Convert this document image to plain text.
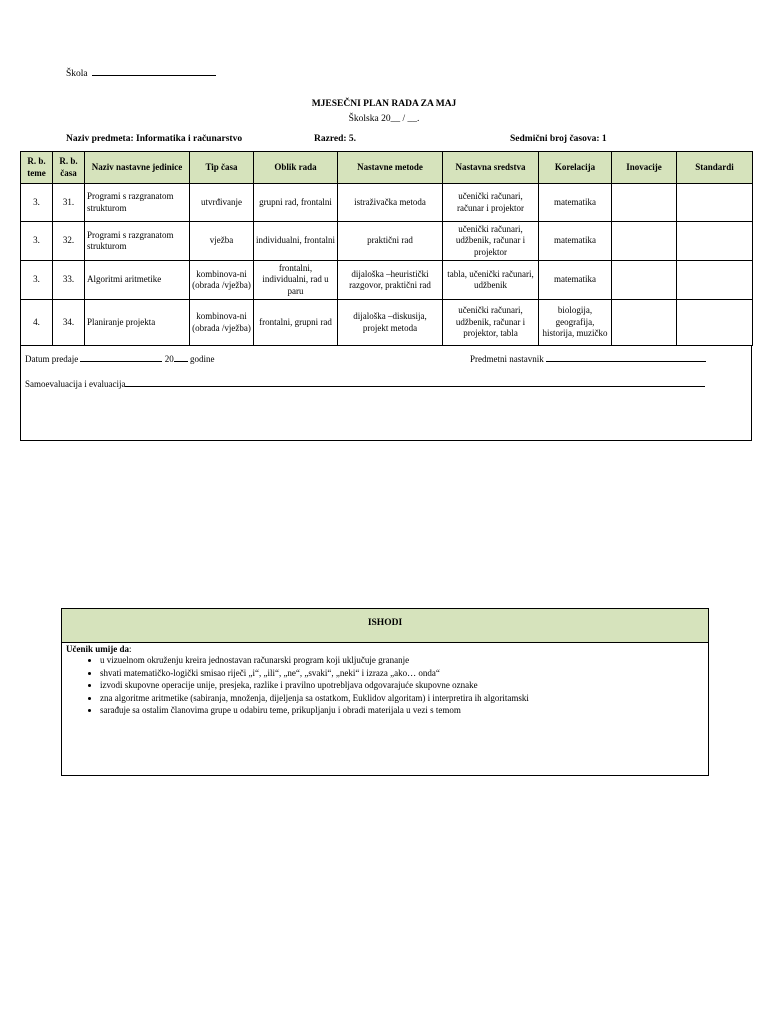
Škola
MJESEČNI PLAN RADA ZA MAJ
Školska 20__ / __.
Naziv predmeta: Informatika i računarstvo	Razred: 5.	Sedmični broj časova: 1
R. b. teme	R. b. časa	Naziv nastavne jedinice	Tip časa	Oblik rada	Nastavne metode	Nastavna sredstva	Korelacija	Inovacije	Standardi
3.	31.	Programi s razgranatom strukturom	utvrđivanje	grupni rad, frontalni	istraživačka metoda	učenički računari, računar i projektor	matematika		
3.	32.	Programi s razgranatom strukturom	vježba	individualni, frontalni	praktični rad	učenički računari, udžbenik, računar i projektor	matematika		
3.	33.	Algoritmi aritmetike	kombinova-ni (obrada /vježba)	frontalni, individualni, rad u paru	dijaloška –heuristički razgovor, praktični rad	tabla, učenički računari, udžbenik	matematika		
4.	34.	Planiranje projekta	kombinova-ni (obrada /vježba)	frontalni, grupni rad	dijaloška –diskusija, projekt metoda	učenički računari, udžbenik, računar i projektor, tabla	biologija, geografija, historija, muzičko		
Datum predaje	20 godine	Predmetni nastavnik
Samoevaluacija i evaluacija
ISHODI
Učenik umije da:
• u vizuelnom okruženju kreira jednostavan računarski program koji uključuje grananje
• shvati matematičko-logički smisao riječi „i“, „ili“, „ne“, „svaki“, „neki“ i izraza „ako… onda“
• izvodi skupovne operacije unije, presjeka, razlike i pravilno upotrebljava odgovarajuće skupovne oznake
• zna algoritme aritmetike (sabiranja, množenja, dijeljenja sa ostatkom, Euklidov algoritam) i interpretira ih algoritamski
• sarađuje sa ostalim članovima grupe u odabiru teme, prikupljanju i obradi materijala u vezi s temom
